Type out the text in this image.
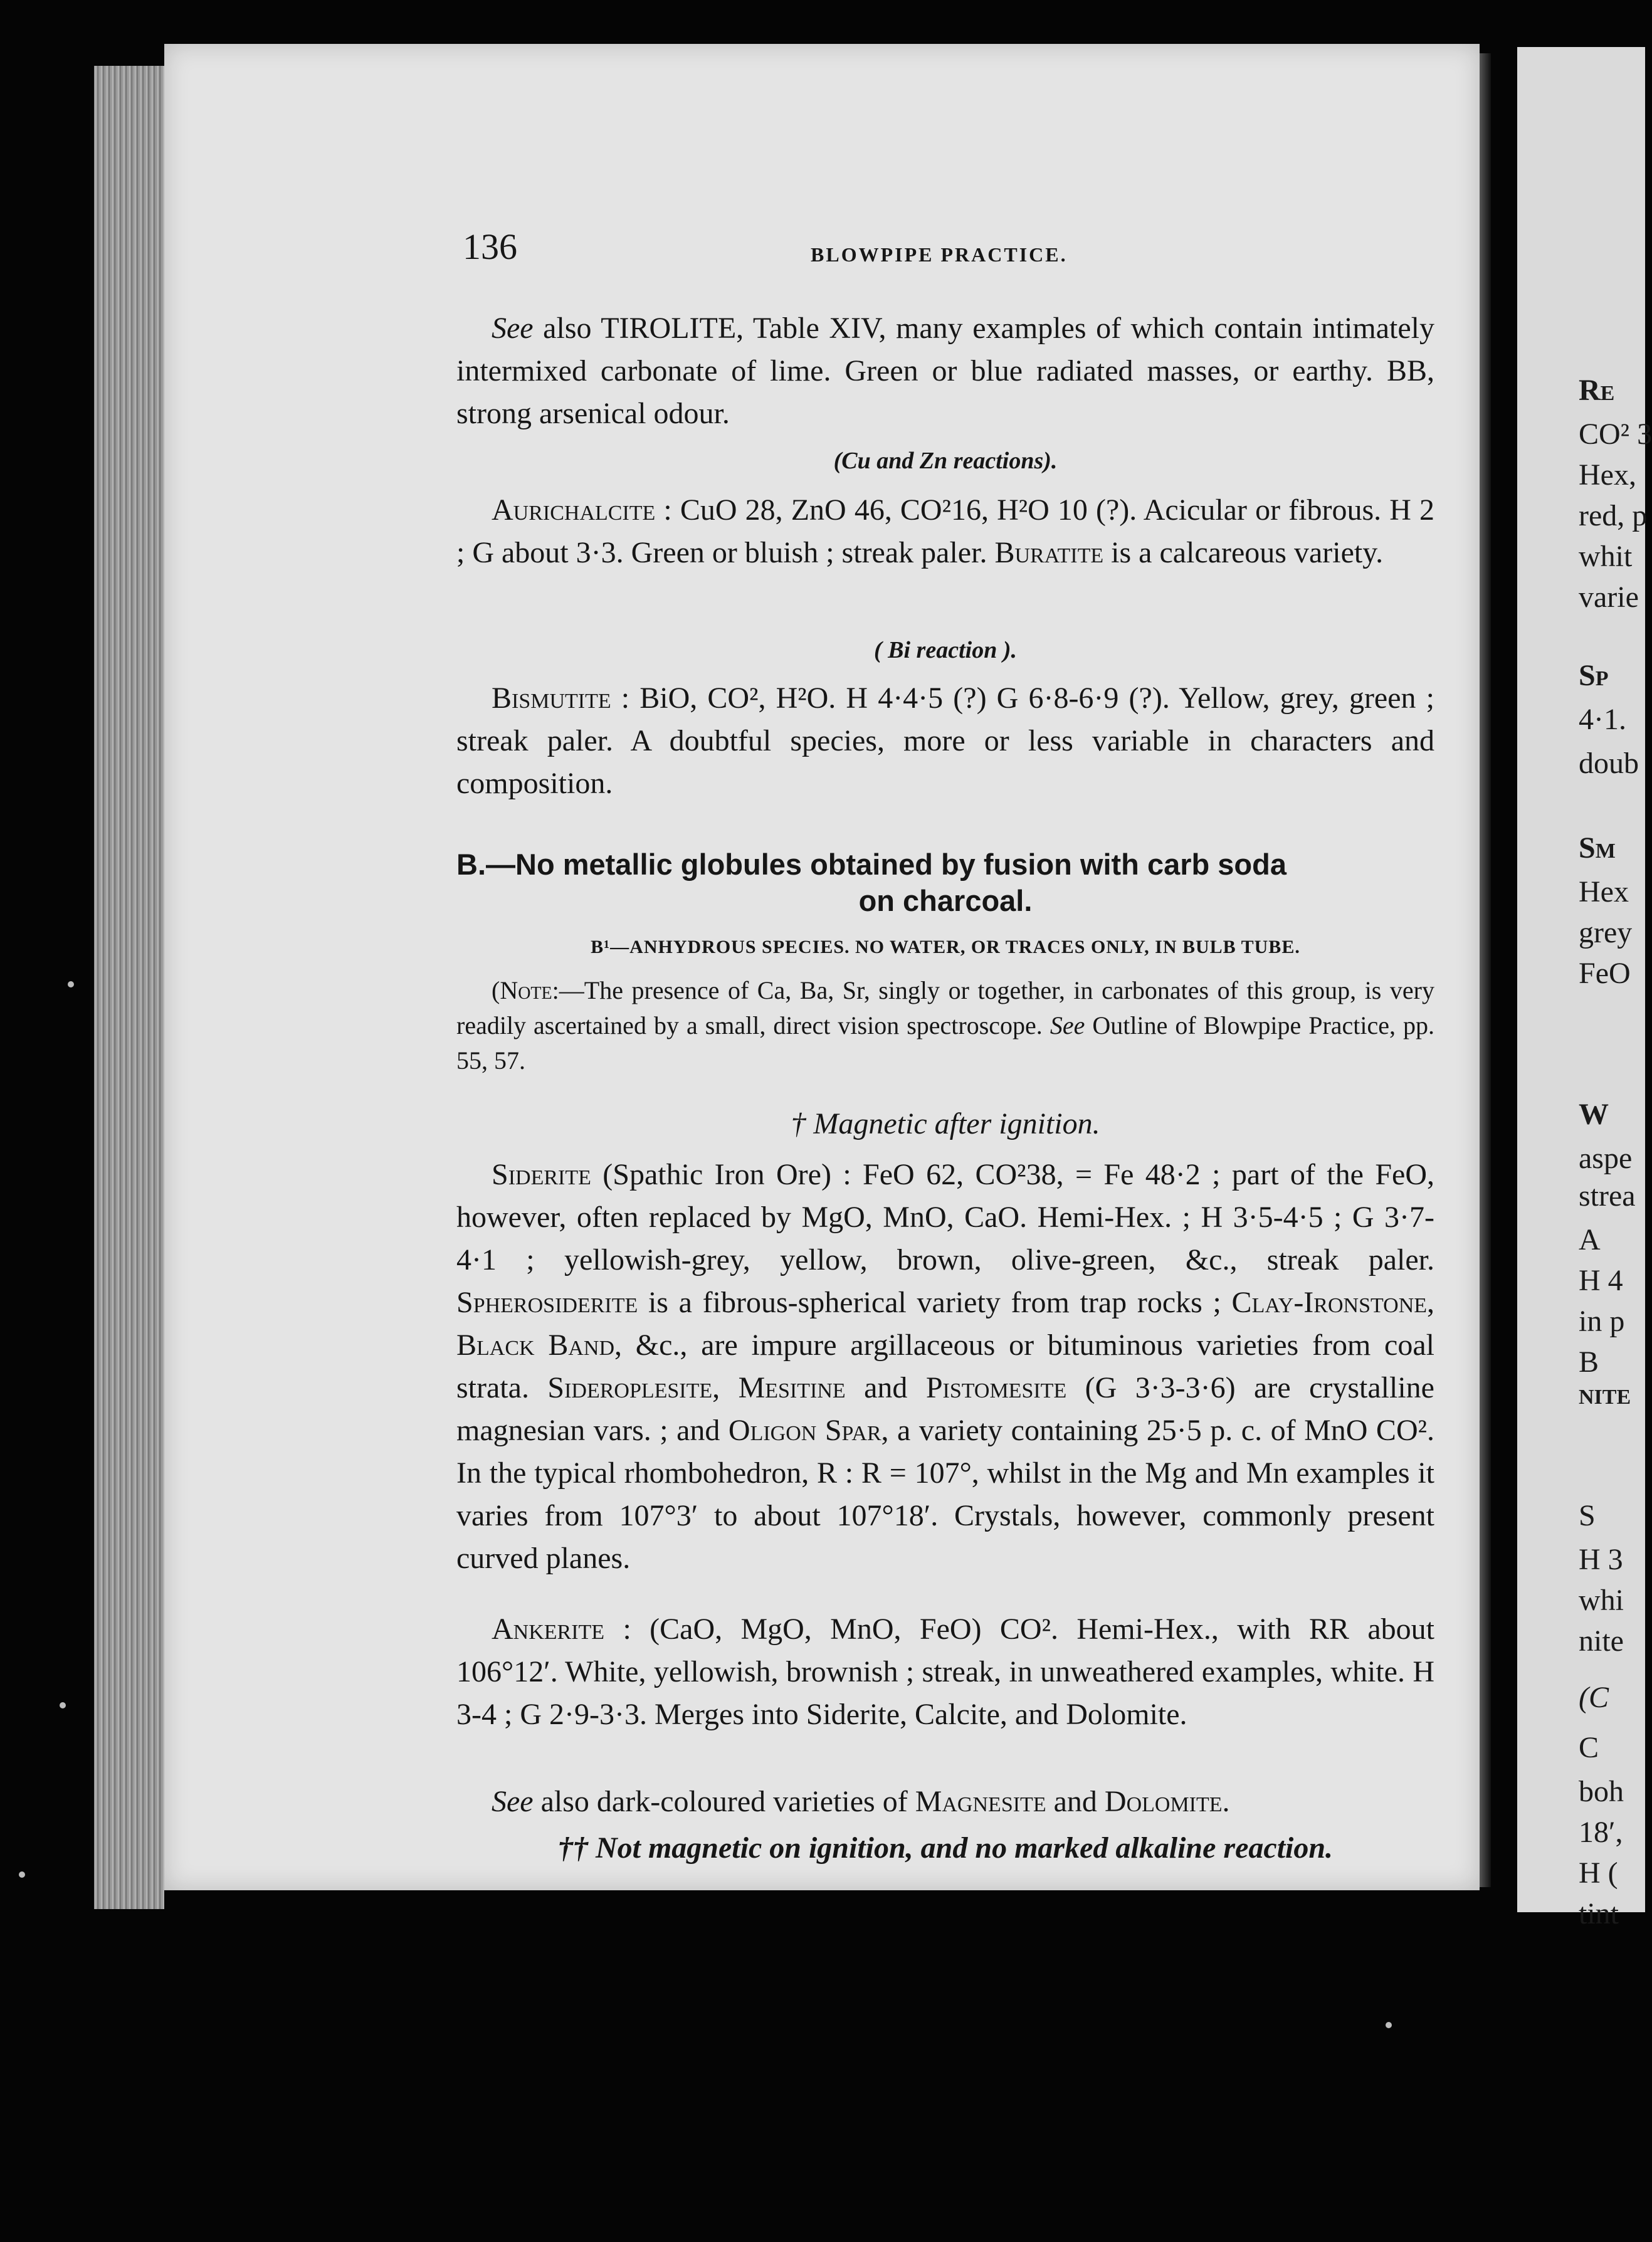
Re
CO² 3
Hex,
red, p
whit
varie
Sp
4·1.
doub
Sm
Hex
grey
FeO
W
aspe
strea
A
H 4
in p
B
NITE
S
H 3
whi
nite
(C
C
boh
18′,
H (
tint
136	BLOWPIPE PRACTICE.

See also TIROLITE, Table XIV, many examples of which contain intimately intermixed carbonate of lime. Green or blue radiated masses, or earthy. BB, strong arsenical odour.

(Cu and Zn reactions).

Aurichalcite : CuO 28, ZnO 46, CO²16, H²O 10 (?). Acicular or fibrous. H 2 ; G about 3·3. Green or bluish ; streak paler. Buratite is a calcareous variety.

( Bi reaction ).

Bismutite : BiO, CO², H²O. H 4·4·5 (?) G 6·8-6·9 (?). Yellow, grey, green ; streak paler. A doubtful species, more or less variable in characters and composition.

B.—No metallic globules obtained by fusion with carb soda
on charcoal.
B¹—ANHYDROUS SPECIES. NO WATER, OR TRACES ONLY, IN BULB TUBE.

(Note:—The presence of Ca, Ba, Sr, singly or together, in carbonates of this group, is very readily ascertained by a small, direct vision spectroscope. See Outline of Blowpipe Practice, pp. 55, 57.

† Magnetic after ignition.

Siderite (Spathic Iron Ore) : FeO 62, CO²38, = Fe 48·2 ; part of the FeO, however, often replaced by MgO, MnO, CaO. Hemi-Hex. ; H 3·5-4·5 ; G 3·7-4·1 ; yellowish-grey, yellow, brown, olive-green, &c., streak paler. Spherosiderite is a fibrous-spherical variety from trap rocks ; Clay-Ironstone, Black Band, &c., are impure argillaceous or bituminous varieties from coal strata. Sideroplesite, Mesitine and Pistomesite (G 3·3-3·6) are crystalline magnesian vars. ; and Oligon Spar, a variety containing 25·5 p. c. of MnO CO². In the typical rhombohedron, R : R = 107°, whilst in the Mg and Mn examples it varies from 107°3′ to about 107°18′. Crystals, however, commonly present curved planes.

Ankerite : (CaO, MgO, MnO, FeO) CO². Hemi-Hex., with RR about 106°12′. White, yellowish, brownish ; streak, in unweathered examples, white. H 3-4 ; G 2·9-3·3. Merges into Siderite, Calcite, and Dolomite.

See also dark-coloured varieties of Magnesite and Dolomite.

†† Not magnetic on ignition, and no marked alkaline reaction.
